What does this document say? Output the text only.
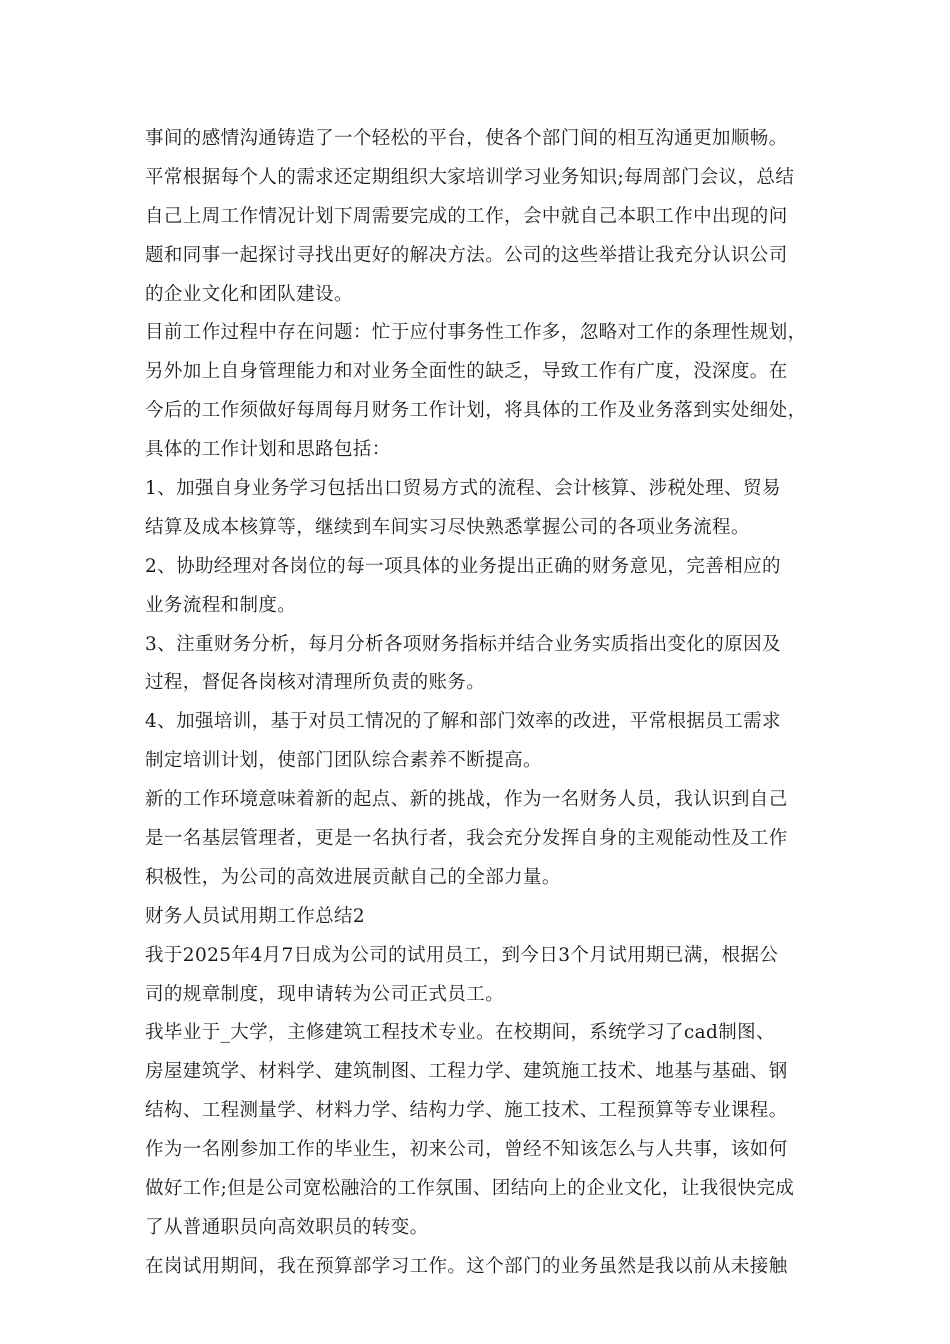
事间的感情沟通铸造了一个轻松的平台，使各个部门间的相互沟通更加顺畅。
平常根据每个人的需求还定期组织大家培训学习业务知识;每周部门会议，总结
自己上周工作情况计划下周需要完成的工作，会中就自己本职工作中出现的问
题和同事一起探讨寻找出更好的解决方法。公司的这些举措让我充分认识公司
的企业文化和团队建设。
目前工作过程中存在问题：忙于应付事务性工作多，忽略对工作的条理性规划，
另外加上自身管理能力和对业务全面性的缺乏，导致工作有广度，没深度。在
今后的工作须做好每周每月财务工作计划，将具体的工作及业务落到实处细处，
具体的工作计划和思路包括：
1、加强自身业务学习包括出口贸易方式的流程、会计核算、涉税处理、贸易
结算及成本核算等，继续到车间实习尽快熟悉掌握公司的各项业务流程。
2、协助经理对各岗位的每一项具体的业务提出正确的财务意见，完善相应的
业务流程和制度。
3、注重财务分析，每月分析各项财务指标并结合业务实质指出变化的原因及
过程，督促各岗核对清理所负责的账务。
4、加强培训，基于对员工情况的了解和部门效率的改进，平常根据员工需求
制定培训计划，使部门团队综合素养不断提高。
新的工作环境意味着新的起点、新的挑战，作为一名财务人员，我认识到自己
是一名基层管理者，更是一名执行者，我会充分发挥自身的主观能动性及工作
积极性，为公司的高效进展贡献自己的全部力量。
财务人员试用期工作总结2
我于2025年4月7日成为公司的试用员工，到今日3个月试用期已满，根据公
司的规章制度，现申请转为公司正式员工。
我毕业于_大学，主修建筑工程技术专业。在校期间，系统学习了cad制图、
房屋建筑学、材料学、建筑制图、工程力学、建筑施工技术、地基与基础、钢
结构、工程测量学、材料力学、结构力学、施工技术、工程预算等专业课程。
作为一名刚参加工作的毕业生，初来公司，曾经不知该怎么与人共事，该如何
做好工作;但是公司宽松融洽的工作氛围、团结向上的企业文化，让我很快完成
了从普通职员向高效职员的转变。
在岗试用期间，我在预算部学习工作。这个部门的业务虽然是我以前从未接触
